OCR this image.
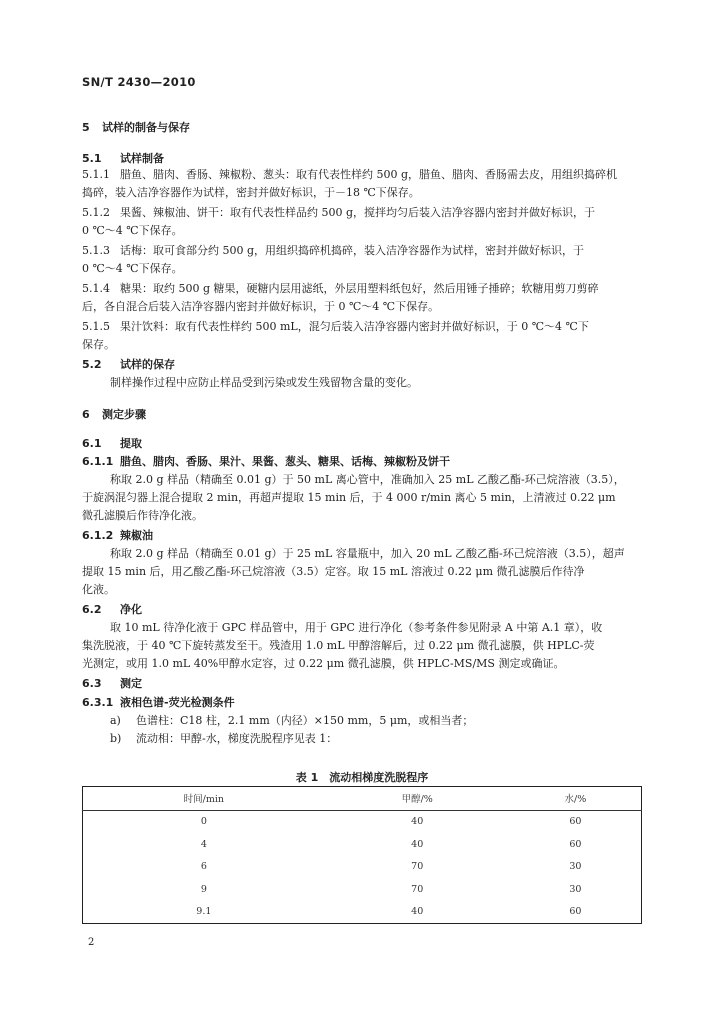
SN/T 2430—2010
5 试样的制备与保存
5.1 试样制备
5.1.1 腊鱼、腊肉、香肠、辣椒粉、葱头：取有代表性样约 500 g，腊鱼、腊肉、香肠需去皮，用组织捣碎机
捣碎，装入洁净容器作为试样，密封并做好标识，于－18 ℃下保存。
5.1.2 果酱、辣椒油、饼干：取有代表性样品约 500 g，搅拌均匀后装入洁净容器内密封并做好标识，于
0 ℃～4 ℃下保存。
5.1.3 话梅：取可食部分约 500 g，用组织捣碎机捣碎，装入洁净容器作为试样，密封并做好标识，于
0 ℃～4 ℃下保存。
5.1.4 糖果：取约 500 g 糖果，硬糖内层用滤纸，外层用塑料纸包好，然后用锤子捶碎；软糖用剪刀剪碎
后，各自混合后装入洁净容器内密封并做好标识，于 0 ℃～4 ℃下保存。
5.1.5 果汁饮料：取有代表性样约 500 mL，混匀后装入洁净容器内密封并做好标识，于 0 ℃～4 ℃下
保存。
5.2 试样的保存
制样操作过程中应防止样品受到污染或发生残留物含量的变化。
6 测定步骤
6.1 提取
6.1.1 腊鱼、腊肉、香肠、果汁、果酱、葱头、糖果、话梅、辣椒粉及饼干
称取 2.0 g 样品（精确至 0.01 g）于 50 mL 离心管中，准确加入 25 mL 乙酸乙酯-环己烷溶液（3.5），
于旋涡混匀器上混合提取 2 min，再超声提取 15 min 后，于 4 000 r/min 离心 5 min，上清液过 0.22 μm
微孔滤膜后作待净化液。
6.1.2 辣椒油
称取 2.0 g 样品（精确至 0.01 g）于 25 mL 容量瓶中，加入 20 mL 乙酸乙酯-环己烷溶液（3.5），超声
提取 15 min 后，用乙酸乙酯-环己烷溶液（3.5）定容。取 15 mL 溶液过 0.22 μm 微孔滤膜后作待净
化液。
6.2 净化
取 10 mL 待净化液于 GPC 样品管中，用于 GPC 进行净化（参考条件参见附录 A 中第 A.1 章），收
集洗脱液，于 40 ℃下旋转蒸发至干。残渣用 1.0 mL 甲醇溶解后，过 0.22 μm 微孔滤膜，供 HPLC-荧
光测定，或用 1.0 mL 40%甲醇水定容，过 0.22 μm 微孔滤膜，供 HPLC-MS/MS 测定或确证。
6.3 测定
6.3.1 液相色谱-荧光检测条件
a) 色谱柱：C18 柱，2.1 mm（内径）×150 mm，5 μm，或相当者；
b) 流动相：甲醇-水，梯度洗脱程序见表 1：
表 1　流动相梯度洗脱程序
时间/min	甲醇/%	水/%
0	40	60
4	40	60
6	70	30
9	70	30
9.1	40	60
2
